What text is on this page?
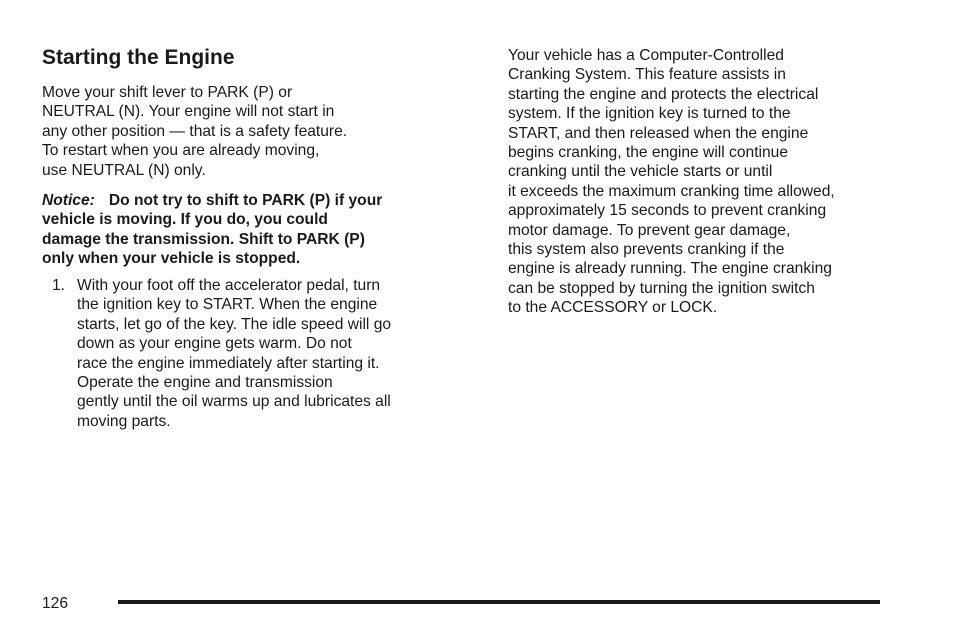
Starting the Engine

Move your shift lever to PARK (P) or
NEUTRAL (N). Your engine will not start in
any other position — that is a safety feature.
To restart when you are already moving,
use NEUTRAL (N) only.

Notice: Do not try to shift to PARK (P) if your
vehicle is moving. If you do, you could
damage the transmission. Shift to PARK (P)
only when your vehicle is stopped.

1. With your foot off the accelerator pedal, turn
the ignition key to START. When the engine
starts, let go of the key. The idle speed will go
down as your engine gets warm. Do not
race the engine immediately after starting it.
Operate the engine and transmission
gently until the oil warms up and lubricates all
moving parts.

Your vehicle has a Computer-Controlled
Cranking System. This feature assists in
starting the engine and protects the electrical
system. If the ignition key is turned to the
START, and then released when the engine
begins cranking, the engine will continue
cranking until the vehicle starts or until
it exceeds the maximum cranking time allowed,
approximately 15 seconds to prevent cranking
motor damage. To prevent gear damage,
this system also prevents cranking if the
engine is already running. The engine cranking
can be stopped by turning the ignition switch
to the ACCESSORY or LOCK.

126
